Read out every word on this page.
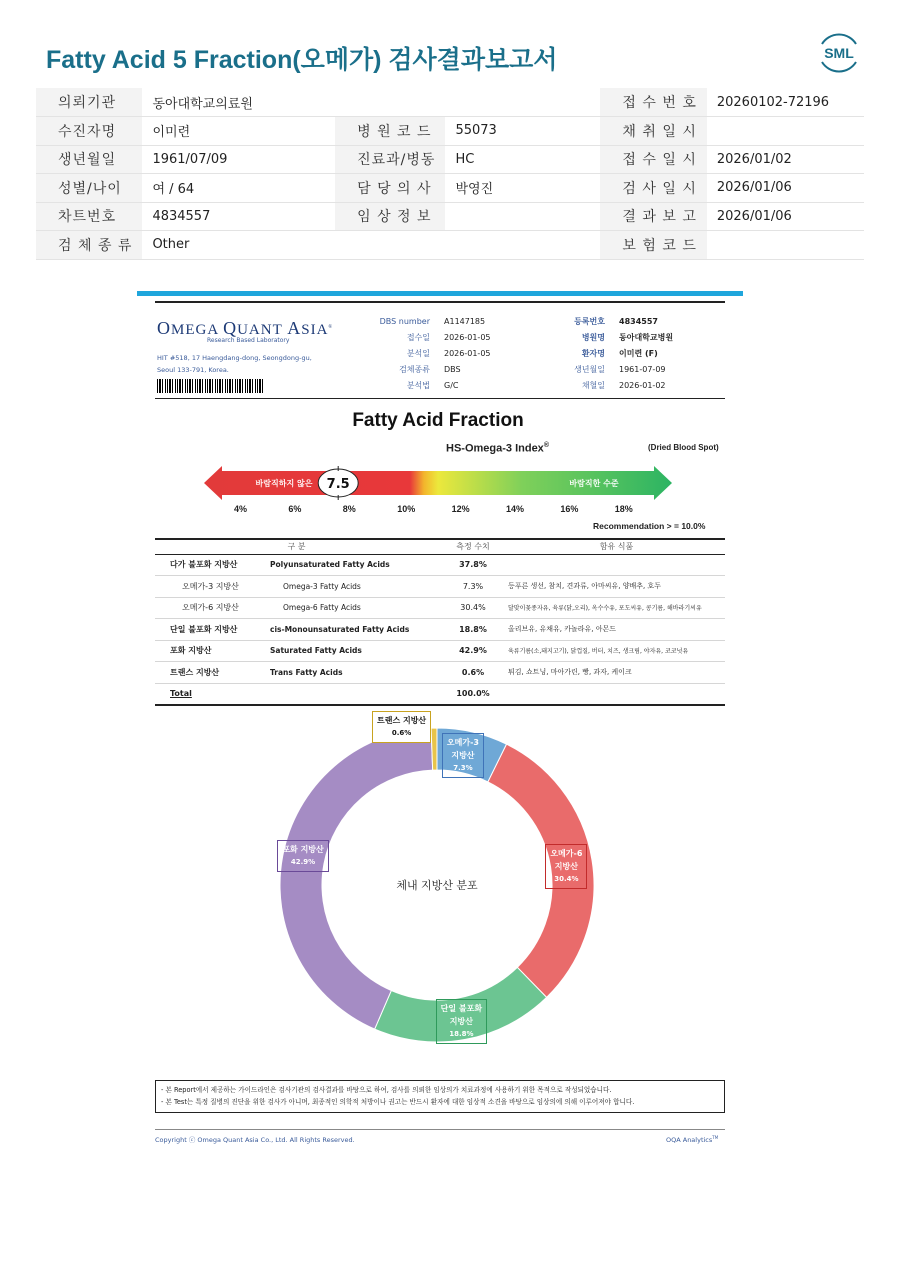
Fatty Acid 5 Fraction(오메가) 검사결과보고서	SML
의뢰기관	동아대학교의료원			접 수 번 호	20260102-72196
수진자명	이미련	병 원 코 드	55073	채 취 일 시	
생년월일	1961/07/09	진료과/병동	HC	접 수 일 시	2026/01/02
성별/나이	여 / 64	담 당 의 사	박영진	검 사 일 시	2026/01/06
차트번호	4834557	임 상 정 보		결 과 보 고	2026/01/06
검 체 종 류	Other			보 험 코 드	
OMEGA QUANT ASIA®
Research Based Laboratory
HIT #518, 17 Haengdang-dong, Seongdong-gu,
Seoul 133-791, Korea.
DBS number A1147185
접수일 2026-01-05
분석일 2026-01-05
검체종류 DBS
분석법 G/C
등록번호 4834557
병원명 동아대학교병원
환자명 이미련 (F)
생년월일 1961-07-09
채혈일 2026-01-02
Fatty Acid Fraction
HS-Omega-3 Index®	(Dried Blood Spot)
바람직하지 않은	바람직한 수준
7.5
4%	6%	8%	10%	12%	14%	16%	18%
Recommendation > = 10.0%
구 분		측정 수치	함유 식품
다가 불포화 지방산	Polyunsaturated Fatty Acids	37.8%	
오메가-3 지방산	Omega-3 Fatty Acids	7.3%	등푸른 생선, 참치, 견과류, 아마씨유, 양배추, 호두
오메가-6 지방산	Omega-6 Fatty Acids	30.4%	달맞이꽃종자유, 육류(닭,오리), 옥수수유, 포도씨유, 콩기름, 해바라기씨유
단일 불포화 지방산	cis-Monounsaturated Fatty Acids	18.8%	올리브유, 유채유, 카놀라유, 아몬드
포화 지방산	Saturated Fatty Acids	42.9%	육류기름(소,돼지고기), 닭껍질, 버터, 치즈, 생크림, 야자유, 코코넛유
트랜스 지방산	Trans Fatty Acids	0.6%	튀김, 쇼트닝, 마아가린, 빵, 과자, 케이크
Total		100.0%	
체내 지방산 분포
오메가-3
지방산
7.3%
오메가-6
지방산
30.4%
단일 불포화
지방산
18.8%
포화 지방산
42.9%
트랜스 지방산
0.6%
- 본 Report에서 제공하는 가이드라인은 검사기관의 검사결과를 바탕으로 하여, 검사를 의뢰한 임상의가 치료과정에 사용하기 위한 목적으로 작성되었습니다.
- 본 Test는 특정 질병의 진단을 위한 검사가 아니며, 최종적인 의학적 처방이나 권고는 반드시 환자에 대한 임상적 소견을 바탕으로 임상의에 의해 이루어져야 합니다.
Copyright ⓒ Omega Quant Asia Co., Ltd. All Rights Reserved.	OQA Analytics™
